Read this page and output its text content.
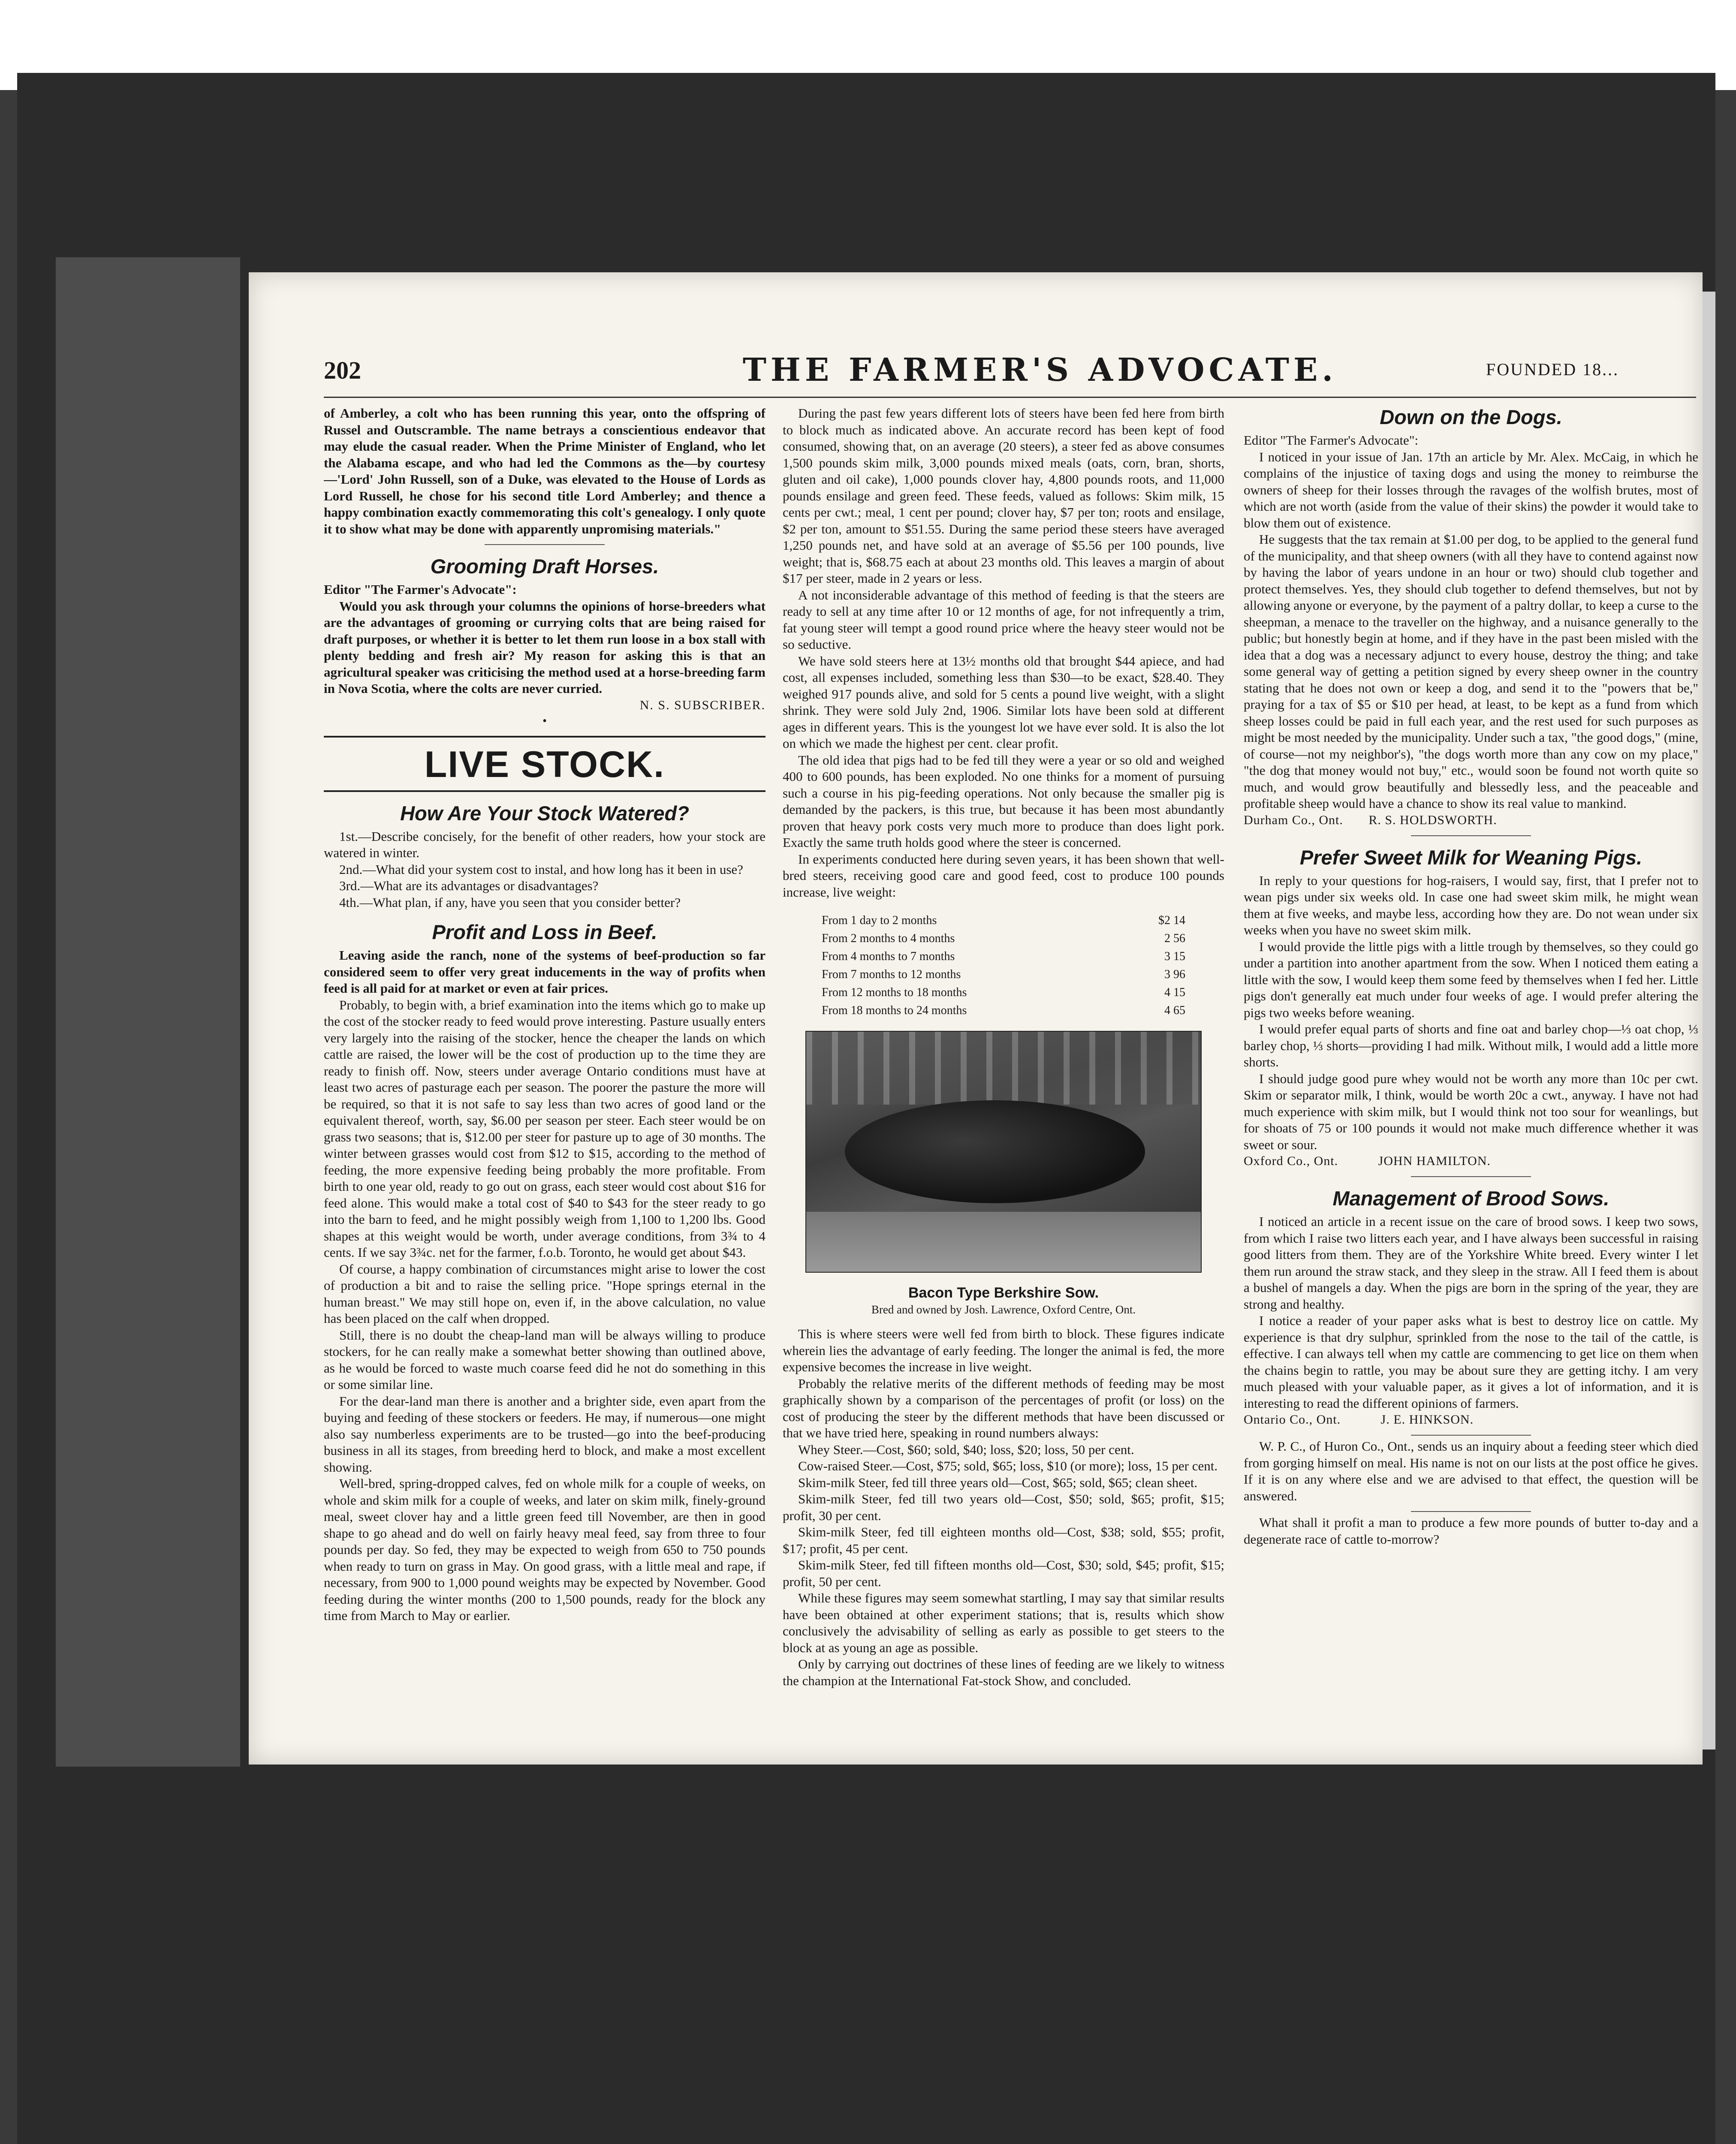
202	THE FARMER'S ADVOCATE.	FOUNDED 18...

of Amberley, a colt who has been running this year, onto the offspring of Russel and Outscramble. The name betrays a conscientious endeavor that may elude the casual reader. When the Prime Minister of England, who let the Alabama escape, and who had led the Commons as the—by courtesy—'Lord' John Russell, son of a Duke, was elevated to the House of Lords as Lord Russell, he chose for his second title Lord Amberley; and thence a happy combination exactly commemorating this colt's genealogy. I only quote it to show what may be done with apparently unpromising materials."

Grooming Draft Horses.

Editor "The Farmer's Advocate":

Would you ask through your columns the opinions of horse-breeders what are the advantages of grooming or currying colts that are being raised for draft purposes, or whether it is better to let them run loose in a box stall with plenty bedding and fresh air? My reason for asking this is that an agricultural speaker was criticising the method used at a horse-breeding farm in Nova Scotia, where the colts are never curried.

N. S. SUBSCRIBER.

•
LIVE STOCK.
How Are Your Stock Watered?

1st.—Describe concisely, for the benefit of other readers, how your stock are watered in winter.

2nd.—What did your system cost to instal, and how long has it been in use?

3rd.—What are its advantages or disadvantages?

4th.—What plan, if any, have you seen that you consider better?

Profit and Loss in Beef.

Leaving aside the ranch, none of the systems of beef-production so far considered seem to offer very great inducements in the way of profits when feed is all paid for at market or even at fair prices.

Probably, to begin with, a brief examination into the items which go to make up the cost of the stocker ready to feed would prove interesting. Pasture usually enters very largely into the raising of the stocker, hence the cheaper the lands on which cattle are raised, the lower will be the cost of production up to the time they are ready to finish off. Now, steers under average Ontario conditions must have at least two acres of pasturage each per season. The poorer the pasture the more will be required, so that it is not safe to say less than two acres of good land or the equivalent thereof, worth, say, $6.00 per season per steer. Each steer would be on grass two seasons; that is, $12.00 per steer for pasture up to age of 30 months. The winter between grasses would cost from $12 to $15, according to the method of feeding, the more expensive feeding being probably the more profitable. From birth to one year old, ready to go out on grass, each steer would cost about $16 for feed alone. This would make a total cost of $40 to $43 for the steer ready to go into the barn to feed, and he might possibly weigh from 1,100 to 1,200 lbs. Good shapes at this weight would be worth, under average conditions, from 3¾ to 4 cents. If we say 3¾c. net for the farmer, f.o.b. Toronto, he would get about $43.

Of course, a happy combination of circumstances might arise to lower the cost of production a bit and to raise the selling price. "Hope springs eternal in the human breast." We may still hope on, even if, in the above calculation, no value has been placed on the calf when dropped.

Still, there is no doubt the cheap-land man will be always willing to produce stockers, for he can really make a somewhat better showing than outlined above, as he would be forced to waste much coarse feed did he not do something in this or some similar line.

For the dear-land man there is another and a brighter side, even apart from the buying and feeding of these stockers or feeders. He may, if numerous—one might also say numberless experiments are to be trusted—go into the beef-producing business in all its stages, from breeding herd to block, and make a most excellent showing.

Well-bred, spring-dropped calves, fed on whole milk for a couple of weeks, on whole and skim milk for a couple of weeks, and later on skim milk, finely-ground meal, sweet clover hay and a little green feed till November, are then in good shape to go ahead and do well on fairly heavy meal feed, say from three to four pounds per day. So fed, they may be expected to weigh from 650 to 750 pounds when ready to turn on grass in May. On good grass, with a little meal and rape, if necessary, from 900 to 1,000 pound weights may be expected by November. Good feeding during the winter months (200 to 1,500 pounds, ready for the block any time from March to May or earlier.

During the past few years different lots of steers have been fed here from birth to block much as indicated above. An accurate record has been kept of food consumed, showing that, on an average (20 steers), a steer fed as above consumes 1,500 pounds skim milk, 3,000 pounds mixed meals (oats, corn, bran, shorts, gluten and oil cake), 1,000 pounds clover hay, 4,800 pounds roots, and 11,000 pounds ensilage and green feed. These feeds, valued as follows: Skim milk, 15 cents per cwt.; meal, 1 cent per pound; clover hay, $7 per ton; roots and ensilage, $2 per ton, amount to $51.55. During the same period these steers have averaged 1,250 pounds net, and have sold at an average of $5.56 per 100 pounds, live weight; that is, $68.75 each at about 23 months old. This leaves a margin of about $17 per steer, made in 2 years or less.

A not inconsiderable advantage of this method of feeding is that the steers are ready to sell at any time after 10 or 12 months of age, for not infrequently a trim, fat young steer will tempt a good round price where the heavy steer would not be so seductive.

We have sold steers here at 13½ months old that brought $44 apiece, and had cost, all expenses included, something less than $30—to be exact, $28.40. They weighed 917 pounds alive, and sold for 5 cents a pound live weight, with a slight shrink. They were sold July 2nd, 1906. Similar lots have been sold at different ages in different years. This is the youngest lot we have ever sold. It is also the lot on which we made the highest per cent. clear profit.

The old idea that pigs had to be fed till they were a year or so old and weighed 400 to 600 pounds, has been exploded. No one thinks for a moment of pursuing such a course in his pig-feeding operations. Not only because the smaller pig is demanded by the packers, is this true, but because it has been most abundantly proven that heavy pork costs very much more to produce than does light pork. Exactly the same truth holds good where the steer is concerned.

In experiments conducted here during seven years, it has been shown that well-bred steers, receiving good care and good feed, cost to produce 100 pounds increase, live weight:

From 1 day to 2 months	$2 14
From 2 months to 4 months	2 56
From 4 months to 7 months	3 15
From 7 months to 12 months	3 96
From 12 months to 18 months	4 15
From 18 months to 24 months	4 65
Bacon Type Berkshire Sow.
Bred and owned by Josh. Lawrence, Oxford Centre, Ont.

This is where steers were well fed from birth to block. These figures indicate wherein lies the advantage of early feeding. The longer the animal is fed, the more expensive becomes the increase in live weight.

Probably the relative merits of the different methods of feeding may be most graphically shown by a comparison of the percentages of profit (or loss) on the cost of producing the steer by the different methods that have been discussed or that we have tried here, speaking in round numbers always:

Whey Steer.—Cost, $60; sold, $40; loss, $20; loss, 50 per cent.

Cow-raised Steer.—Cost, $75; sold, $65; loss, $10 (or more); loss, 15 per cent.

Skim-milk Steer, fed till three years old—Cost, $65; sold, $65; clean sheet.

Skim-milk Steer, fed till two years old—Cost, $50; sold, $65; profit, $15; profit, 30 per cent.

Skim-milk Steer, fed till eighteen months old—Cost, $38; sold, $55; profit, $17; profit, 45 per cent.

Skim-milk Steer, fed till fifteen months old—Cost, $30; sold, $45; profit, $15; profit, 50 per cent.

While these figures may seem somewhat startling, I may say that similar results have been obtained at other experiment stations; that is, results which show conclusively the advisability of selling as early as possible to get steers to the block at as young an age as possible.

Only by carrying out doctrines of these lines of feeding are we likely to witness the champion at the International Fat-stock Show, and concluded.

Down on the Dogs.

Editor "The Farmer's Advocate":

I noticed in your issue of Jan. 17th an article by Mr. Alex. McCaig, in which he complains of the injustice of taxing dogs and using the money to reimburse the owners of sheep for their losses through the ravages of the wolfish brutes, most of which are not worth (aside from the value of their skins) the powder it would take to blow them out of existence.

He suggests that the tax remain at $1.00 per dog, to be applied to the general fund of the municipality, and that sheep owners (with all they have to contend against now by having the labor of years undone in an hour or two) should club together and protect themselves. Yes, they should club together to defend themselves, but not by allowing anyone or everyone, by the payment of a paltry dollar, to keep a curse to the sheepman, a menace to the traveller on the highway, and a nuisance generally to the public; but honestly begin at home, and if they have in the past been misled with the idea that a dog was a necessary adjunct to every house, destroy the thing; and take some general way of getting a petition signed by every sheep owner in the country stating that he does not own or keep a dog, and send it to the "powers that be," praying for a tax of $5 or $10 per head, at least, to be kept as a fund from which sheep losses could be paid in full each year, and the rest used for such purposes as might be most needed by the municipality. Under such a tax, "the good dogs," (mine, of course—not my neighbor's), "the dogs worth more than any cow on my place," "the dog that money would not buy," etc., would soon be found not worth quite so much, and would grow beautifully and blessedly less, and the peaceable and profitable sheep would have a chance to show its real value to mankind.

Durham Co., Ont. R. S. HOLDSWORTH.

Prefer Sweet Milk for Weaning Pigs.

In reply to your questions for hog-raisers, I would say, first, that I prefer not to wean pigs under six weeks old. In case one had sweet skim milk, he might wean them at five weeks, and maybe less, according how they are. Do not wean under six weeks when you have no sweet skim milk.

I would provide the little pigs with a little trough by themselves, so they could go under a partition into another apartment from the sow. When I noticed them eating a little with the sow, I would keep them some feed by themselves when I fed her. Little pigs don't generally eat much under four weeks of age. I would prefer altering the pigs two weeks before weaning.

I would prefer equal parts of shorts and fine oat and barley chop—⅓ oat chop, ⅓ barley chop, ⅓ shorts—providing I had milk. Without milk, I would add a little more shorts.

I should judge good pure whey would not be worth any more than 10c per cwt. Skim or separator milk, I think, would be worth 20c a cwt., anyway. I have not had much experience with skim milk, but I would think not too sour for weanlings, but for shoats of 75 or 100 pounds it would not make much difference whether it was sweet or sour.

Oxford Co., Ont.	JOHN HAMILTON.

Management of Brood Sows.

I noticed an article in a recent issue on the care of brood sows. I keep two sows, from which I raise two litters each year, and I have always been successful in raising good litters from them. They are of the Yorkshire White breed. Every winter I let them run around the straw stack, and they sleep in the straw. All I feed them is about a bushel of mangels a day. When the pigs are born in the spring of the year, they are strong and healthy.

I notice a reader of your paper asks what is best to destroy lice on cattle. My experience is that dry sulphur, sprinkled from the nose to the tail of the cattle, is effective. I can always tell when my cattle are commencing to get lice on them when the chains begin to rattle, you may be about sure they are getting itchy. I am very much pleased with your valuable paper, as it gives a lot of information, and it is interesting to read the different opinions of farmers.

Ontario Co., Ont.	J. E. HINKSON.

W. P. C., of Huron Co., Ont., sends us an inquiry about a feeding steer which died from gorging himself on meal. His name is not on our lists at the post office he gives. If it is on any where else and we are advised to that effect, the question will be answered.

What shall it profit a man to produce a few more pounds of butter to-day and a degenerate race of cattle to-morrow?
